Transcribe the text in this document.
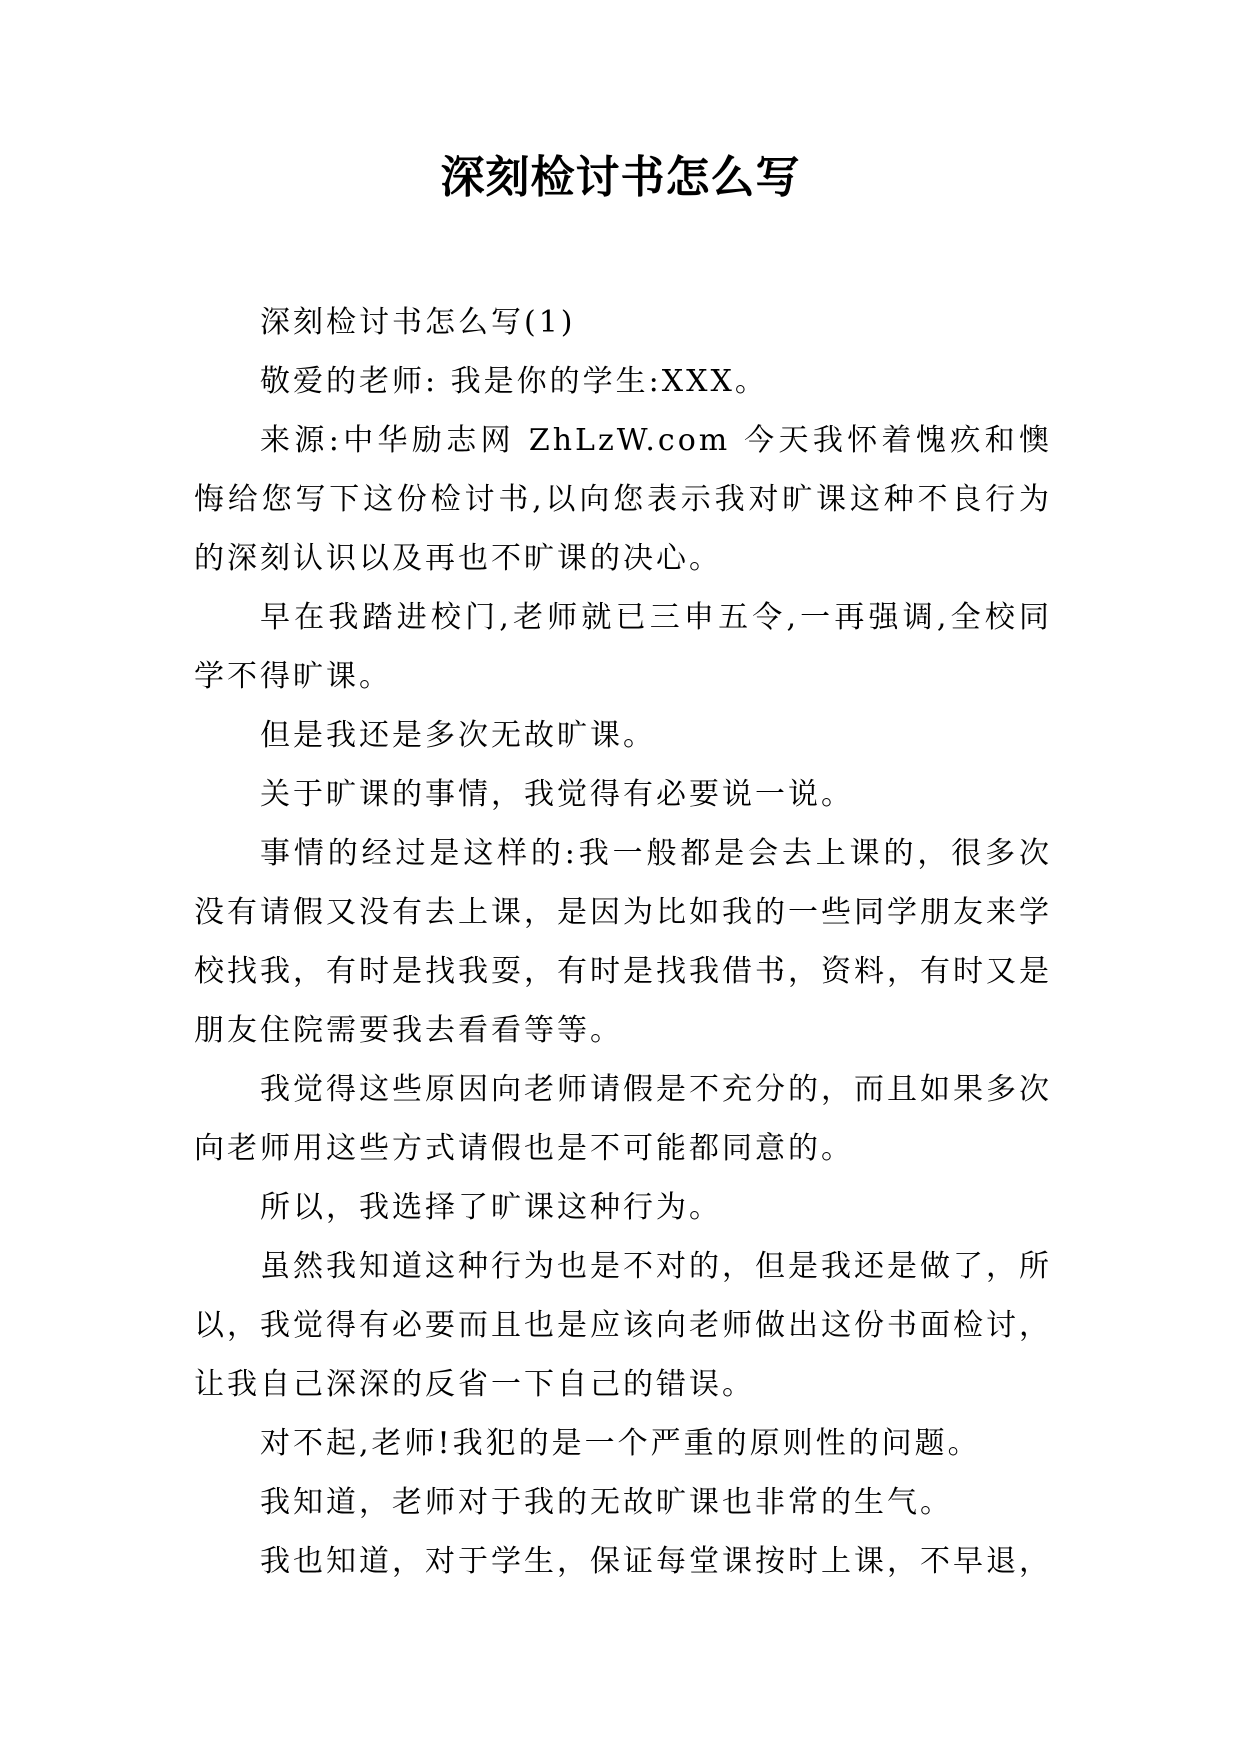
深刻检讨书怎么写

深刻检讨书怎么写(1)

敬爱的老师: 我是你的学生:XXX。

来源:中华励志网 ZhLzW.com 今天我怀着愧疚和懊悔给您写下这份检讨书,以向您表示我对旷课这种不良行为的深刻认识以及再也不旷课的决心。

早在我踏进校门,老师就已三申五令,一再强调,全校同学不得旷课。

但是我还是多次无故旷课。

关于旷课的事情，我觉得有必要说一说。

事情的经过是这样的:我一般都是会去上课的，很多次没有请假又没有去上课，是因为比如我的一些同学朋友来学校找我，有时是找我耍，有时是找我借书，资料，有时又是朋友住院需要我去看看等等。

我觉得这些原因向老师请假是不充分的，而且如果多次向老师用这些方式请假也是不可能都同意的。

所以，我选择了旷课这种行为。

虽然我知道这种行为也是不对的，但是我还是做了，所以，我觉得有必要而且也是应该向老师做出这份书面检讨，让我自己深深的反省一下自己的错误。

对不起,老师!我犯的是一个严重的原则性的问题。

我知道，老师对于我的无故旷课也非常的生气。

我也知道，对于学生，保证每堂课按时上课，不早退，
